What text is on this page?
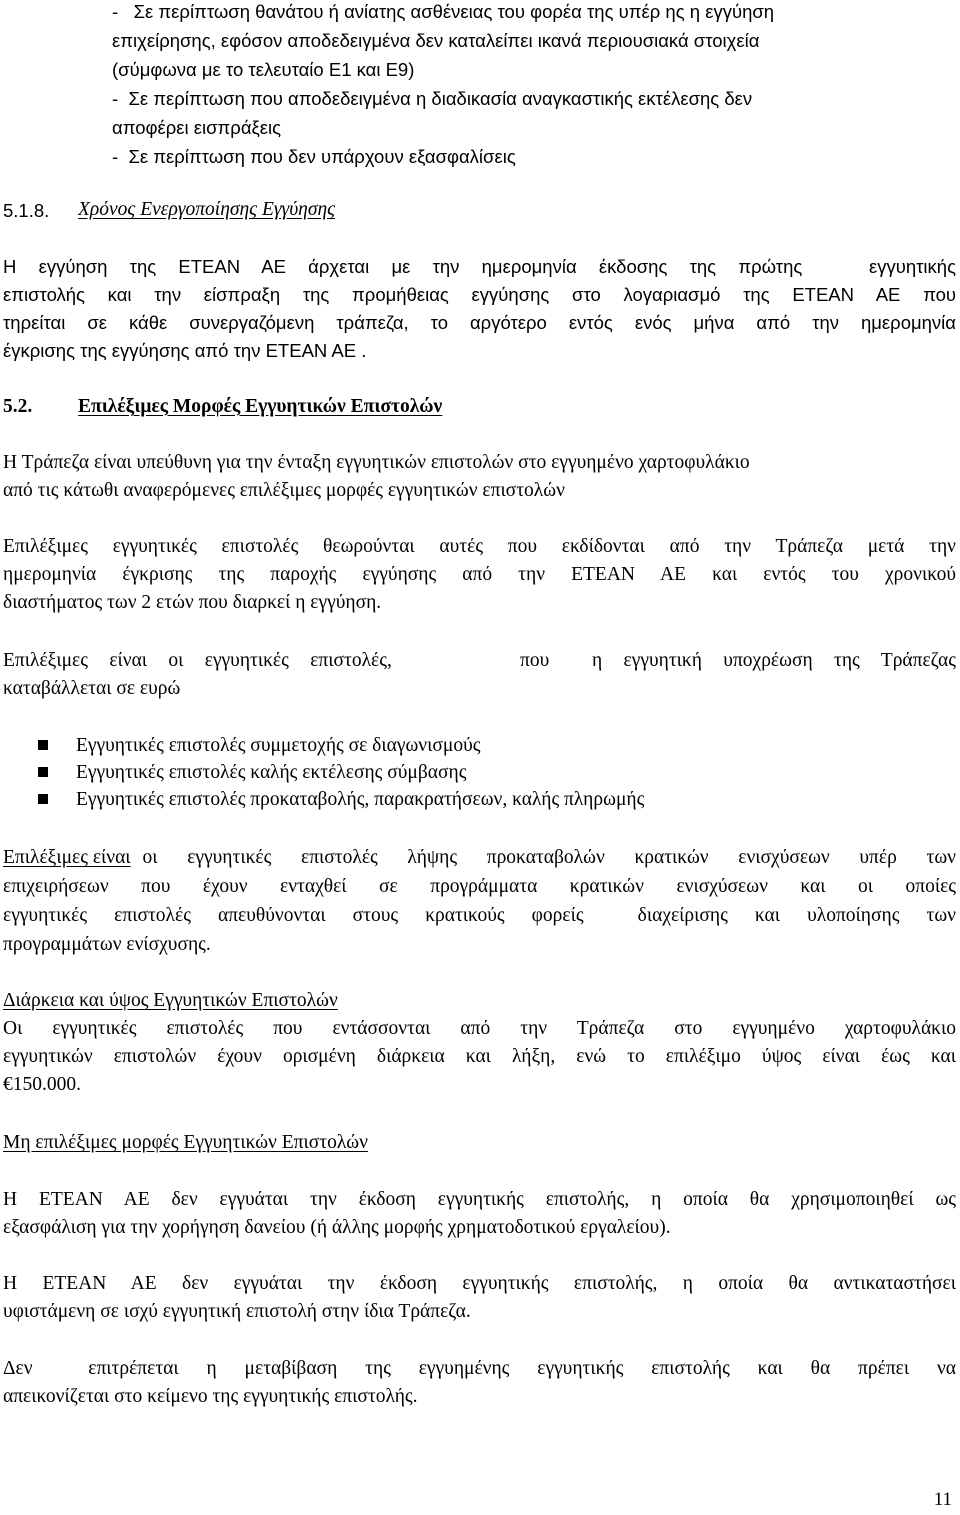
-   Σε περίπτωση θανάτου ή ανίατης ασθένειας του φορέα της υπέρ ης η εγγύηση
επιχείρησης, εφόσον αποδεδειγμένα δεν καταλείπει ικανά περιουσιακά στοιχεία
(σύμφωνα με το τελευταίο Ε1 και Ε9)
-  Σε περίπτωση που αποδεδειγμένα η διαδικασία αναγκαστικής εκτέλεσης δεν
αποφέρει εισπράξεις
-  Σε περίπτωση που δεν υπάρχουν εξασφαλίσεις
5.1.8. Χρόνος Ενεργοποίησης Εγγύησης
Η εγγύηση της ΕΤΕΑΝ ΑΕ άρχεται με την ημερομηνία έκδοσης της πρώτης   εγγυητικής
επιστολής και την είσπραξη της προμήθειας εγγύησης στο λογαριασμό της ΕΤΕΑΝ ΑΕ που
τηρείται σε κάθε συνεργαζόμενη τράπεζα, το αργότερο εντός ενός μήνα από την ημερομηνία
έγκρισης της εγγύησης από την ΕΤΕΑΝ ΑΕ .
5.2. Επιλέξιμες Μορφές Εγγυητικών Επιστολών
Η Τράπεζα είναι υπεύθυνη για την ένταξη εγγυητικών επιστολών στο εγγυημένο χαρτοφυλάκιο
από τις κάτωθι αναφερόμενες επιλέξιμες μορφές εγγυητικών επιστολών
Επιλέξιμες εγγυητικές επιστολές θεωρούνται αυτές που εκδίδονται από την Τράπεζα μετά την
ημερομηνία έγκρισης της παροχής εγγύησης από την ΕΤΕΑΝ ΑΕ και εντός του χρονικού
διαστήματος των 2 ετών που διαρκεί η εγγύηση.
Επιλέξιμες είναι οι εγγυητικές επιστολές,      που  η εγγυητική υποχρέωση της Τράπεζας
καταβάλλεται σε ευρώ
Εγγυητικές επιστολές συμμετοχής σε διαγωνισμούς
Εγγυητικές επιστολές καλής εκτέλεσης σύμβασης
Εγγυητικές επιστολές προκαταβολής, παρακρατήσεων, καλής πληρωμής
Επιλέξιμες είναι οι εγγυητικές επιστολές λήψης προκαταβολών κρατικών ενισχύσεων υπέρ των
επιχειρήσεων που έχουν ενταχθεί σε προγράμματα κρατικών ενισχύσεων και οι οποίες
εγγυητικές επιστολές απευθύνονται στους κρατικούς φορείς  διαχείρισης και υλοποίησης των
προγραμμάτων ενίσχυσης.
Διάρκεια και ύψος Εγγυητικών Επιστολών
Οι εγγυητικές επιστολές που εντάσσονται από την Τράπεζα στο εγγυημένο χαρτοφυλάκιο
εγγυητικών επιστολών έχουν ορισμένη διάρκεια και λήξη, ενώ το επιλέξιμο ύψος είναι έως και
€150.000.
Μη επιλέξιμες μορφές Εγγυητικών Επιστολών
Η ΕΤΕΑΝ ΑΕ δεν εγγυάται την έκδοση εγγυητικής επιστολής, η οποία θα χρησιμοποιηθεί ως
εξασφάλιση για την χορήγηση δανείου (ή άλλης μορφής χρηματοδοτικού εργαλείου).
Η ΕΤΕΑΝ ΑΕ δεν εγγυάται την έκδοση εγγυητικής επιστολής, η οποία θα αντικαταστήσει
υφιστάμενη σε ισχύ εγγυητική επιστολή στην ίδια Τράπεζα.
Δεν  επιτρέπεται η μεταβίβαση της εγγυημένης εγγυητικής επιστολής και θα πρέπει να
απεικονίζεται στο κείμενο της εγγυητικής επιστολής.
11
